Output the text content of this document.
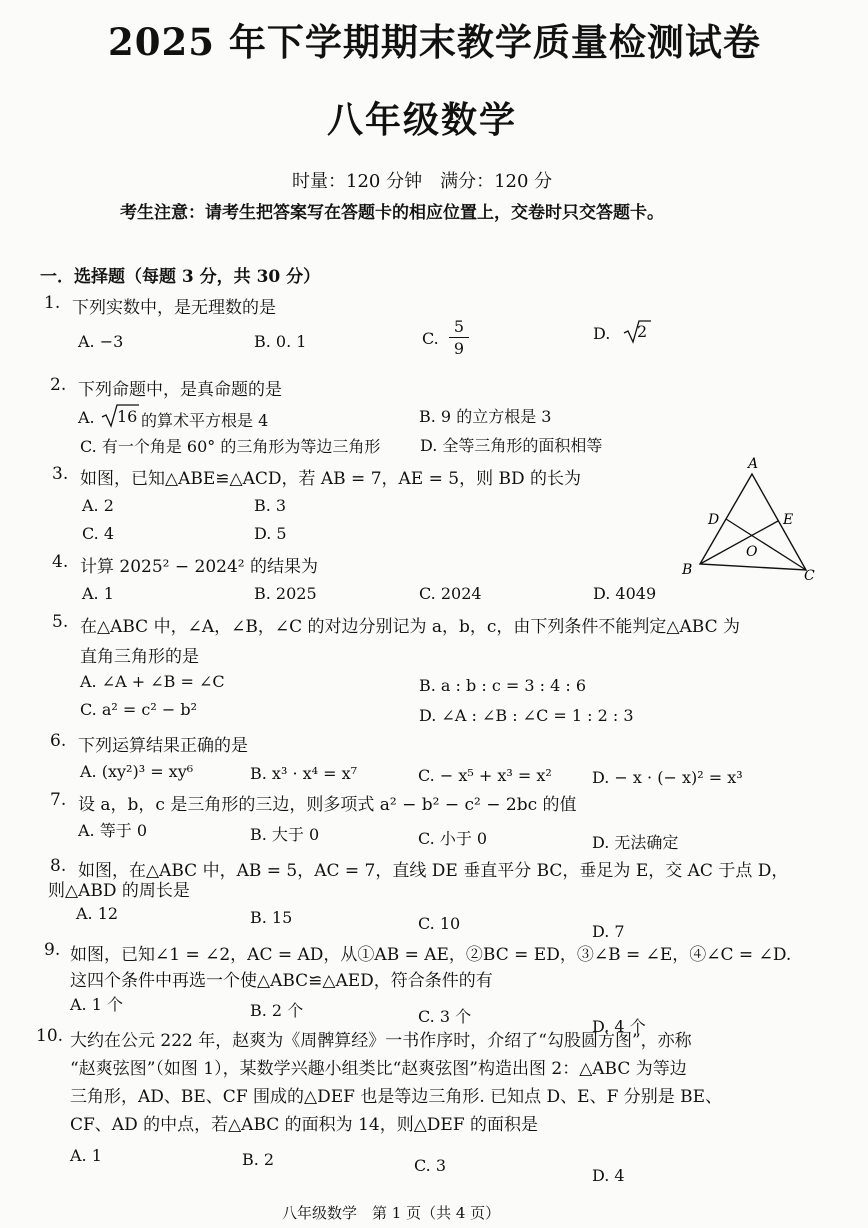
2025 年下学期期末教学质量检测试卷
八年级数学
时量：120 分钟　满分：120 分
考生注意：请考生把答案写在答题卡的相应位置上，交卷时只交答题卡。
一．选择题（每题 3 分，共 30 分）
1. 下列实数中，是无理数的是
A. −3	B. 0. 1	C.
5
9
D. 2
2. 下列命题中，是真命题的是
A. 16 的算术平方根是 4	B. 9 的立方根是 3
C. 有一个角是 60° 的三角形为等边三角形 D. 全等三角形的面积相等
3. 如图，已知△ABE≌△ACD，若 AB = 7，AE = 5，则 BD 的长为
A. 2	B. 3
C. 4	D. 5
A
D	E
O
B	C
4. 计算 2025² − 2024² 的结果为
A. 1	B. 2025	C. 2024	D. 4049
5. 在△ABC 中，∠A，∠B，∠C 的对边分别记为 a，b，c，由下列条件不能判定△ABC 为
直角三角形的是
A. ∠A + ∠B = ∠C	B. a : b : c = 3 : 4 : 6
C. a² = c² − b²	D. ∠A : ∠B : ∠C = 1 : 2 : 3
6. 下列运算结果正确的是
A. (xy²)³ = xy⁶	B. x³ · x⁴ = x⁷	C. − x⁵ + x³ = x²	D. − x · (− x)² = x³
7. 设 a，b，c 是三角形的三边，则多项式 a² − b² − c² − 2bc 的值
A. 等于 0	B. 大于 0	C. 小于 0	D. 无法确定
8. 如图，在△ABC 中，AB = 5，AC = 7，直线 DE 垂直平分 BC，垂足为 E，交 AC 于点 D，
则△ABD 的周长是
A. 12	B. 15	C. 10	D. 7
9. 如图，已知∠1 = ∠2，AC = AD，从①AB = AE，②BC = ED，③∠B = ∠E，④∠C = ∠D.
这四个条件中再选一个使△ABC≌△AED，符合条件的有
A. 1 个	B. 2 个	C. 3 个
D. 4 个
10. 大约在公元 222 年，赵爽为《周髀算经》一书作序时，介绍了“勾股圆方图”，亦称
“赵爽弦图”（如图 1），某数学兴趣小组类比“赵爽弦图”构造出图 2：△ABC 为等边
三角形，AD、BE、CF 围成的△DEF 也是等边三角形. 已知点 D、E、F 分别是 BE、
CF、AD 的中点，若△ABC 的面积为 14，则△DEF 的面积是
A. 1	B. 2	C. 3
D. 4
八年级数学　第 1 页（共 4 页）
